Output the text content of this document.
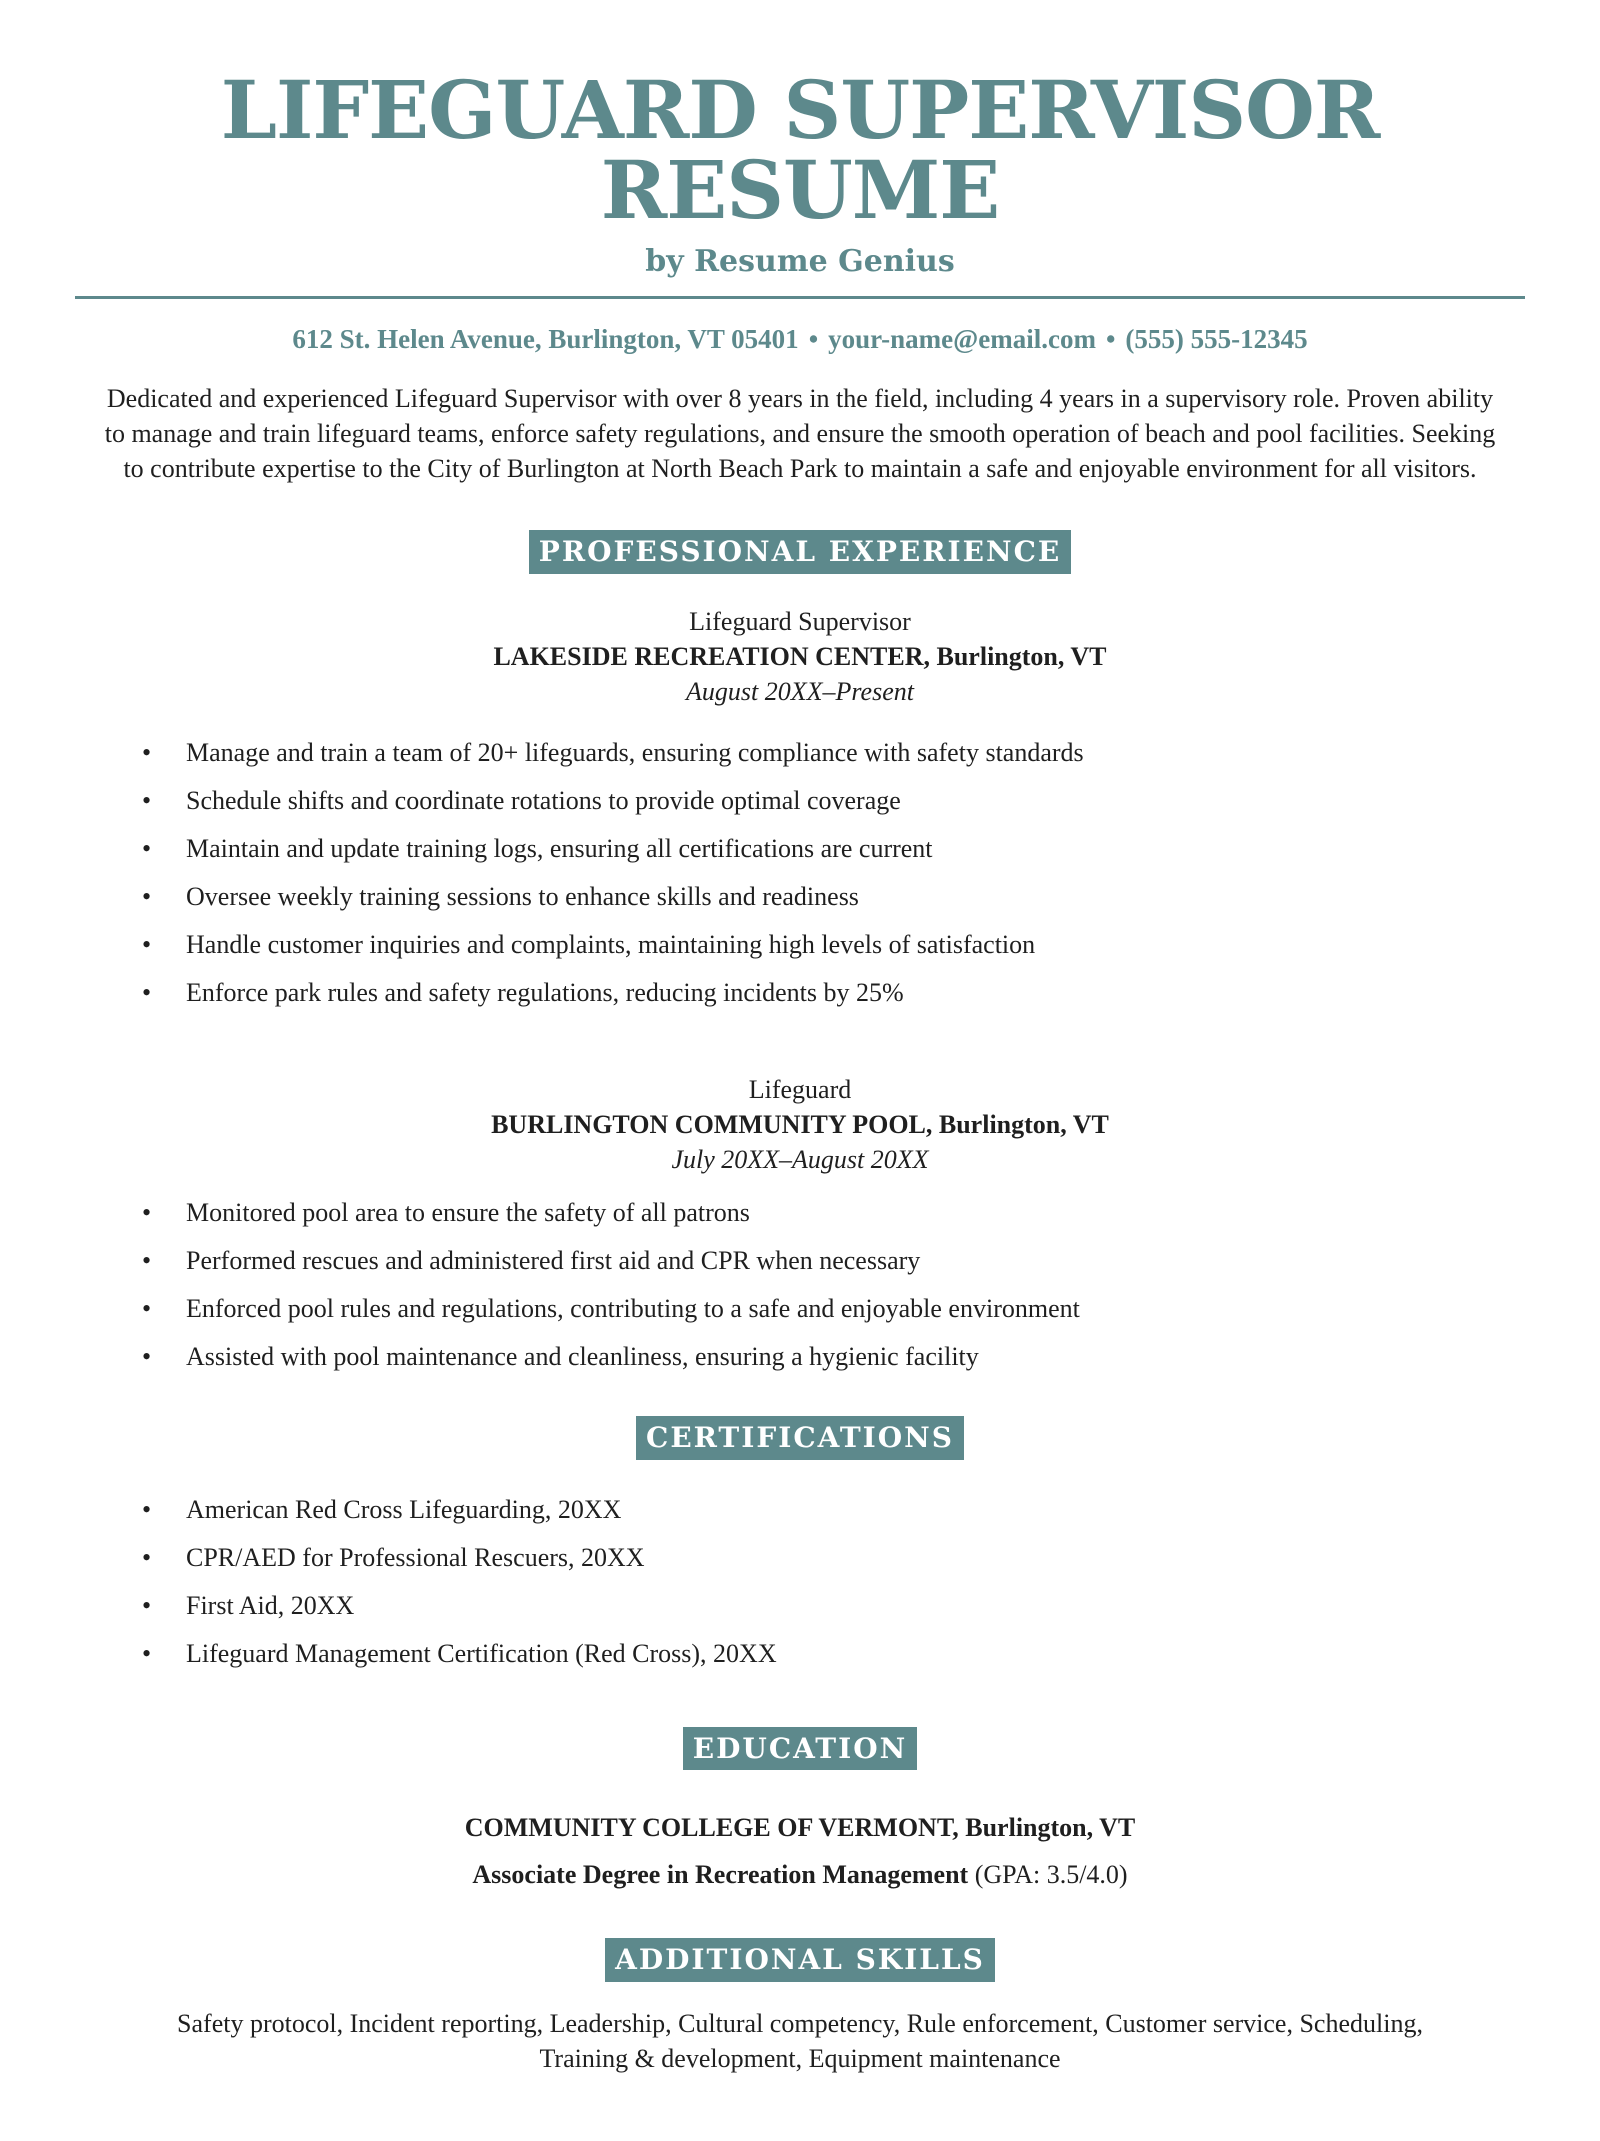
LIFEGUARD SUPERVISOR RESUME
by Resume Genius
612 St. Helen Avenue, Burlington, VT 05401 • your-name@email.com • (555) 555-12345

Dedicated and experienced Lifeguard Supervisor with over 8 years in the field, including 4 years in a supervisory role. Proven ability to manage and train lifeguard teams, enforce safety regulations, and ensure the smooth operation of beach and pool facilities. Seeking to contribute expertise to the City of Burlington at North Beach Park to maintain a safe and enjoyable environment for all visitors.

PROFESSIONAL EXPERIENCE
Lifeguard Supervisor
LAKESIDE RECREATION CENTER, Burlington, VT
August 20XX–Present
• Manage and train a team of 20+ lifeguards, ensuring compliance with safety standards
• Schedule shifts and coordinate rotations to provide optimal coverage
• Maintain and update training logs, ensuring all certifications are current
• Oversee weekly training sessions to enhance skills and readiness
• Handle customer inquiries and complaints, maintaining high levels of satisfaction
• Enforce park rules and safety regulations, reducing incidents by 25%
Lifeguard
BURLINGTON COMMUNITY POOL, Burlington, VT
July 20XX–August 20XX
• Monitored pool area to ensure the safety of all patrons
• Performed rescues and administered first aid and CPR when necessary
• Enforced pool rules and regulations, contributing to a safe and enjoyable environment
• Assisted with pool maintenance and cleanliness, ensuring a hygienic facility
CERTIFICATIONS
• American Red Cross Lifeguarding, 20XX
• CPR/AED for Professional Rescuers, 20XX
• First Aid, 20XX
• Lifeguard Management Certification (Red Cross), 20XX
EDUCATION
COMMUNITY COLLEGE OF VERMONT, Burlington, VT
Associate Degree in Recreation Management (GPA: 3.5/4.0)
ADDITIONAL SKILLS

Safety protocol, Incident reporting, Leadership, Cultural competency, Rule enforcement, Customer service, Scheduling, Training & development, Equipment maintenance
